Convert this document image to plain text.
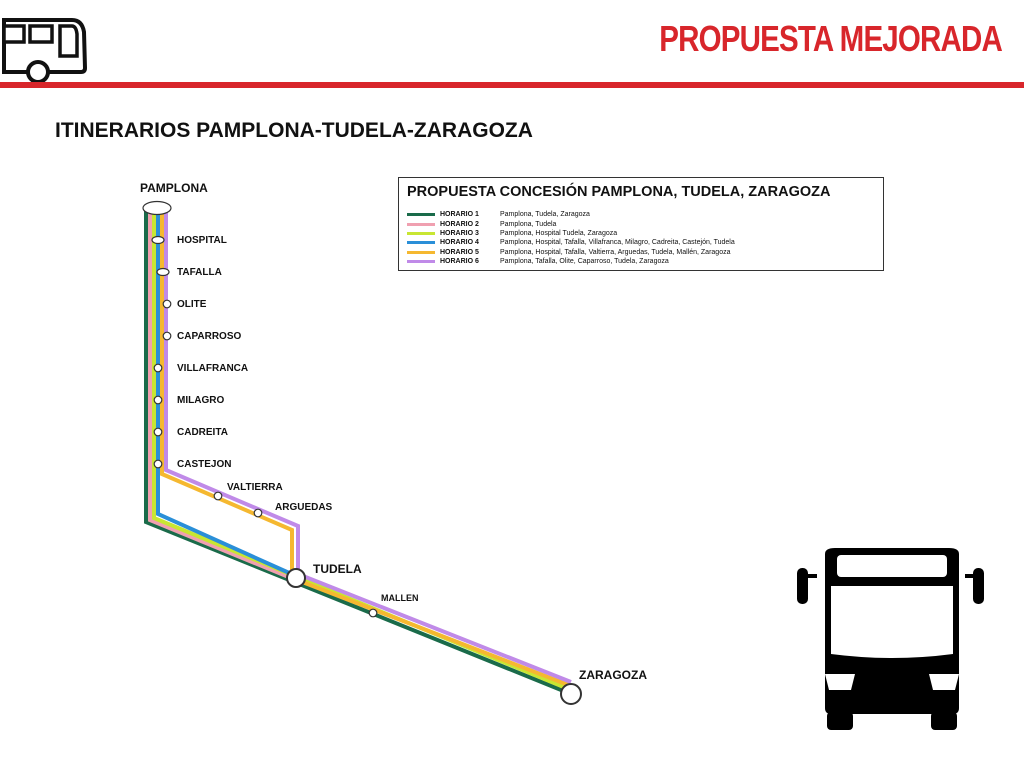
PROPUESTA MEJORADA
ITINERARIOS PAMPLONA-TUDELA-ZARAGOZA
PAMPLONA
HOSPITAL
TAFALLA
OLITE
CAPARROSO
VILLAFRANCA
MILAGRO
CADREITA
CASTEJON
VALTIERRA
ARGUEDAS
TUDELA
MALLEN
ZARAGOZA
PROPUESTA CONCESIÓN PAMPLONA, TUDELA, ZARAGOZA
HORARIO 1	Pamplona, Tudela, Zaragoza
HORARIO 2	Pamplona, Tudela
HORARIO 3	Pamplona, Hospital Tudela, Zaragoza
HORARIO 4	Pamplona, Hospital, Tafalla, Villafranca, Milagro, Cadreita, Castejón, Tudela
HORARIO 5	Pamplona, Hospital, Tafalla, Valtierra, Arguedas, Tudela, Mallén, Zaragoza
HORARIO 6	Pamplona, Tafalla, Olite, Caparroso, Tudela, Zaragoza
